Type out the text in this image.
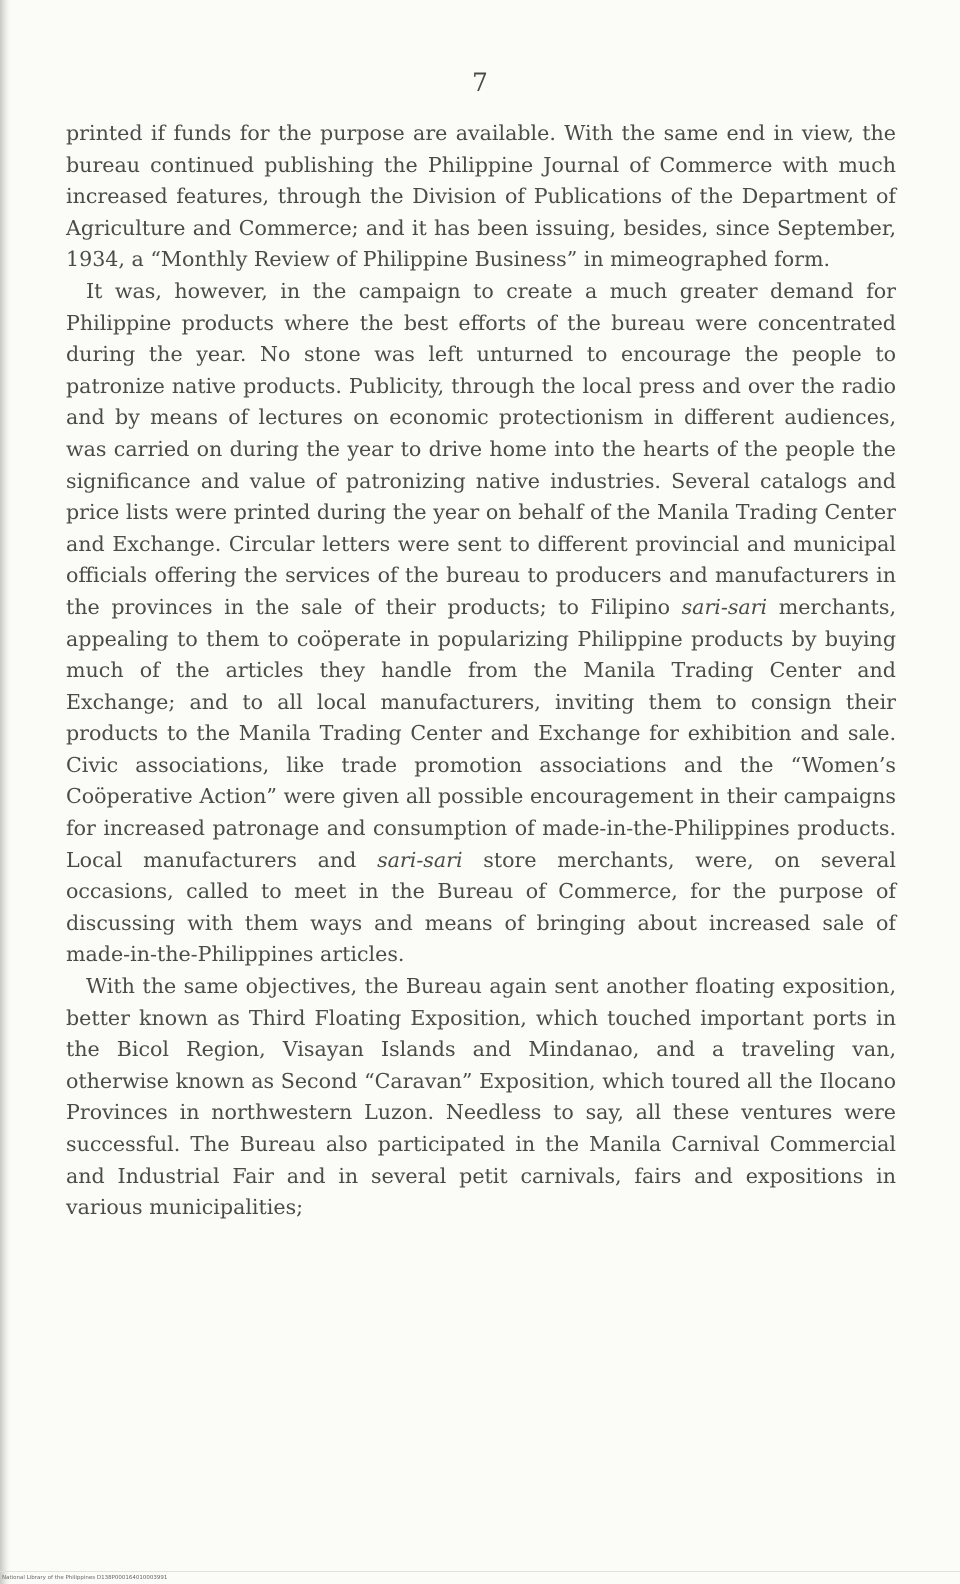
7

printed if funds for the purpose are available. With the same end in view, the bureau continued publishing the Philippine Journal of Commerce with much increased features, through the Division of Publications of the Department of Agriculture and Commerce; and it has been issuing, besides, since September, 1934, a “Monthly Review of Philippine Business” in mimeographed form.

It was, however, in the campaign to create a much greater demand for Philippine products where the best efforts of the bureau were concentrated during the year. No stone was left unturned to encourage the people to patronize native products. Publicity, through the local press and over the radio and by means of lectures on economic protectionism in different audiences, was carried on during the year to drive home into the hearts of the people the significance and value of patronizing native industries. Several catalogs and price lists were printed during the year on behalf of the Manila Trading Center and Exchange. Circular letters were sent to different provincial and municipal officials offering the services of the bureau to producers and manufacturers in the provinces in the sale of their products; to Filipino sari-sari merchants, appealing to them to coöperate in popularizing Philippine products by buying much of the articles they handle from the Manila Trading Center and Exchange; and to all local manufacturers, inviting them to consign their products to the Manila Trading Center and Exchange for exhibition and sale. Civic associations, like trade promotion associations and the “Women’s Coöperative Action” were given all possible encouragement in their campaigns for increased patronage and consumption of made-in-the-Philippines products. Local manufacturers and sari-sari store merchants, were, on several occasions, called to meet in the Bureau of Commerce, for the purpose of discussing with them ways and means of bringing about increased sale of made-in-the-Philippines articles.

With the same objectives, the Bureau again sent another floating exposition, better known as Third Floating Exposition, which touched important ports in the Bicol Region, Visayan Islands and Mindanao, and a traveling van, otherwise known as Second “Caravan” Exposition, which toured all the Ilocano Provinces in northwestern Luzon. Needless to say, all these ventures were successful. The Bureau also participated in the Manila Carnival Commercial and Industrial Fair and in several petit carnivals, fairs and expositions in various municipalities;

National Library of the Philippines D138P000164010003991
